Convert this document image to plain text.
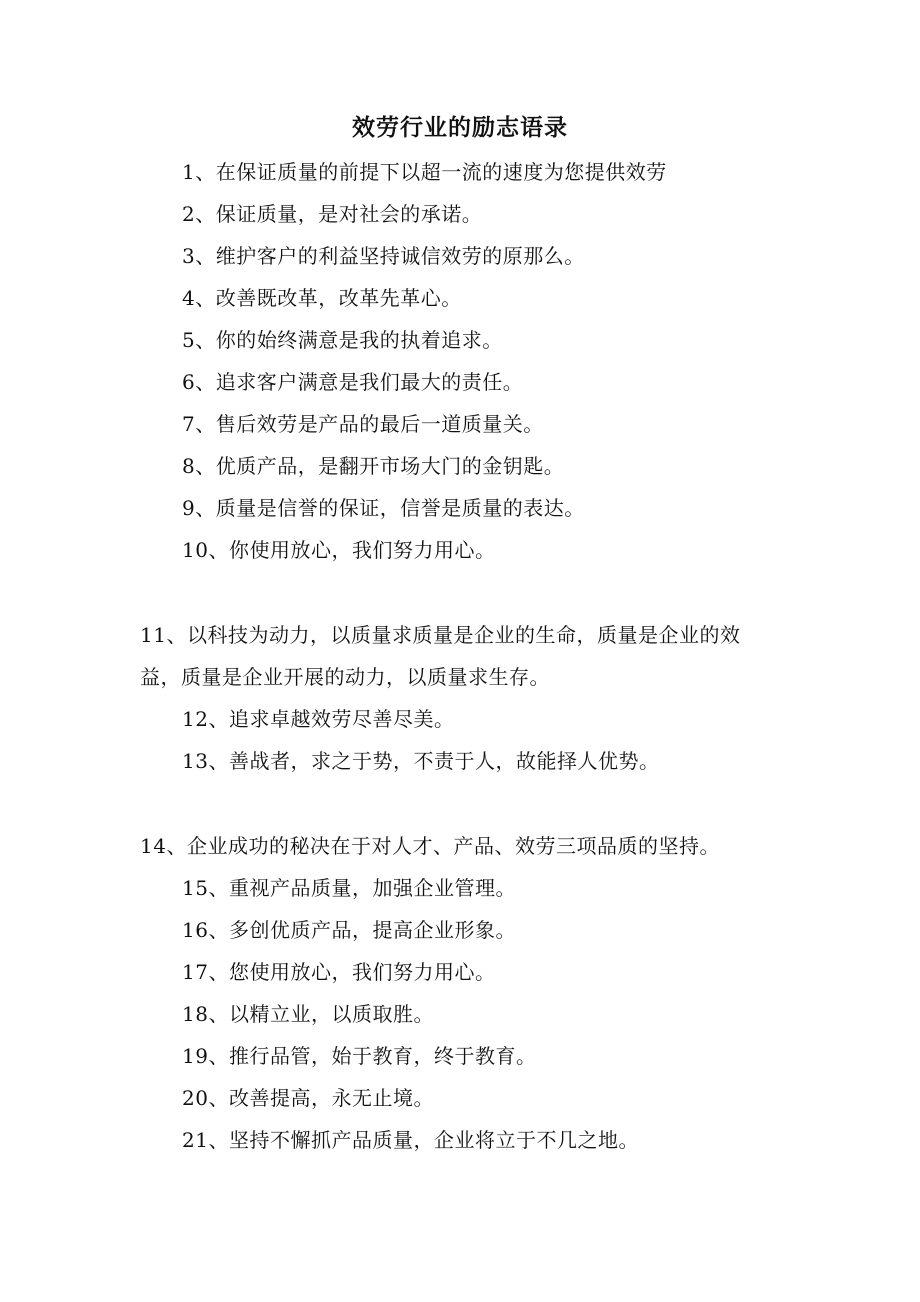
效劳行业的励志语录
1、在保证质量的前提下以超一流的速度为您提供效劳
2、保证质量，是对社会的承诺。
3、维护客户的利益坚持诚信效劳的原那么。
4、改善既改革，改革先革心。
5、你的始终满意是我的执着追求。
6、追求客户满意是我们最大的责任。
7、售后效劳是产品的最后一道质量关。
8、优质产品，是翻开市场大门的金钥匙。
9、质量是信誉的保证，信誉是质量的表达。
10、你使用放心，我们努力用心。
11、以科技为动力，以质量求质量是企业的生命，质量是企业的效
益，质量是企业开展的动力，以质量求生存。
12、追求卓越效劳尽善尽美。
13、善战者，求之于势，不责于人，故能择人优势。
14、企业成功的秘决在于对人才、产品、效劳三项品质的坚持。
15、重视产品质量，加强企业管理。
16、多创优质产品，提高企业形象。
17、您使用放心，我们努力用心。
18、以精立业，以质取胜。
19、推行品管，始于教育，终于教育。
20、改善提高，永无止境。
21、坚持不懈抓产品质量，企业将立于不几之地。
